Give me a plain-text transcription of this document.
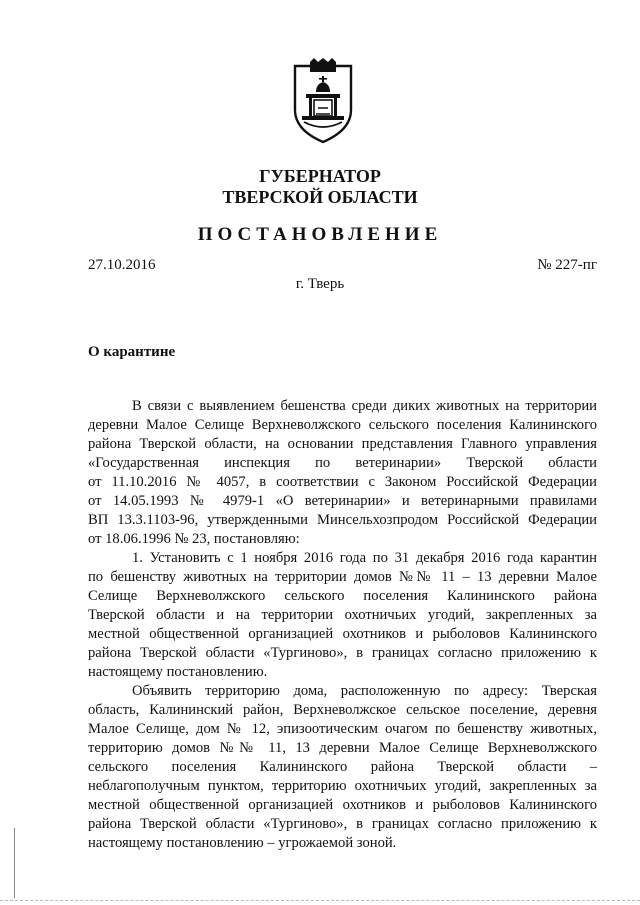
ГУБЕРНАТОР
ТВЕРСКОЙ ОБЛАСТИ
ПОСТАНОВЛЕНИЕ
27.10.2016	№ 227-пг
г. Тверь
О карантине
В связи с выявлением бешенства среди диких животных на территории
деревни Малое Селище Верхневолжского сельского поселения Калининского
района Тверской области, на основании представления Главного управления
«Государственная инспекция по ветеринарии» Тверской области
от 11.10.2016 № 4057, в соответствии с Законом Российской Федерации
от 14.05.1993 № 4979-1 «О ветеринарии» и ветеринарными правилами
ВП 13.3.1103-96, утвержденными Минсельхозпродом Российской Федерации
от 18.06.1996 № 23, постановляю:
1. Установить с 1 ноября 2016 года по 31 декабря 2016 года карантин
по бешенству животных на территории домов №№ 11 – 13 деревни Малое
Селище Верхневолжского сельского поселения Калининского района
Тверской области и на территории охотничьих угодий, закрепленных за
местной общественной организацией охотников и рыболовов Калининского
района Тверской области «Тургиново», в границах согласно приложению к
настоящему постановлению.
Объявить территорию дома, расположенную по адресу: Тверская
область, Калининский район, Верхневолжское сельское поселение, деревня
Малое Селище, дом № 12, эпизоотическим очагом по бешенству животных,
территорию домов №№ 11, 13 деревни Малое Селище Верхневолжского
сельского поселения Калининского района Тверской области –
неблагополучным пунктом, территорию охотничьих угодий, закрепленных за
местной общественной организацией охотников и рыболовов Калининского
района Тверской области «Тургиново», в границах согласно приложению к
настоящему постановлению – угрожаемой зоной.
